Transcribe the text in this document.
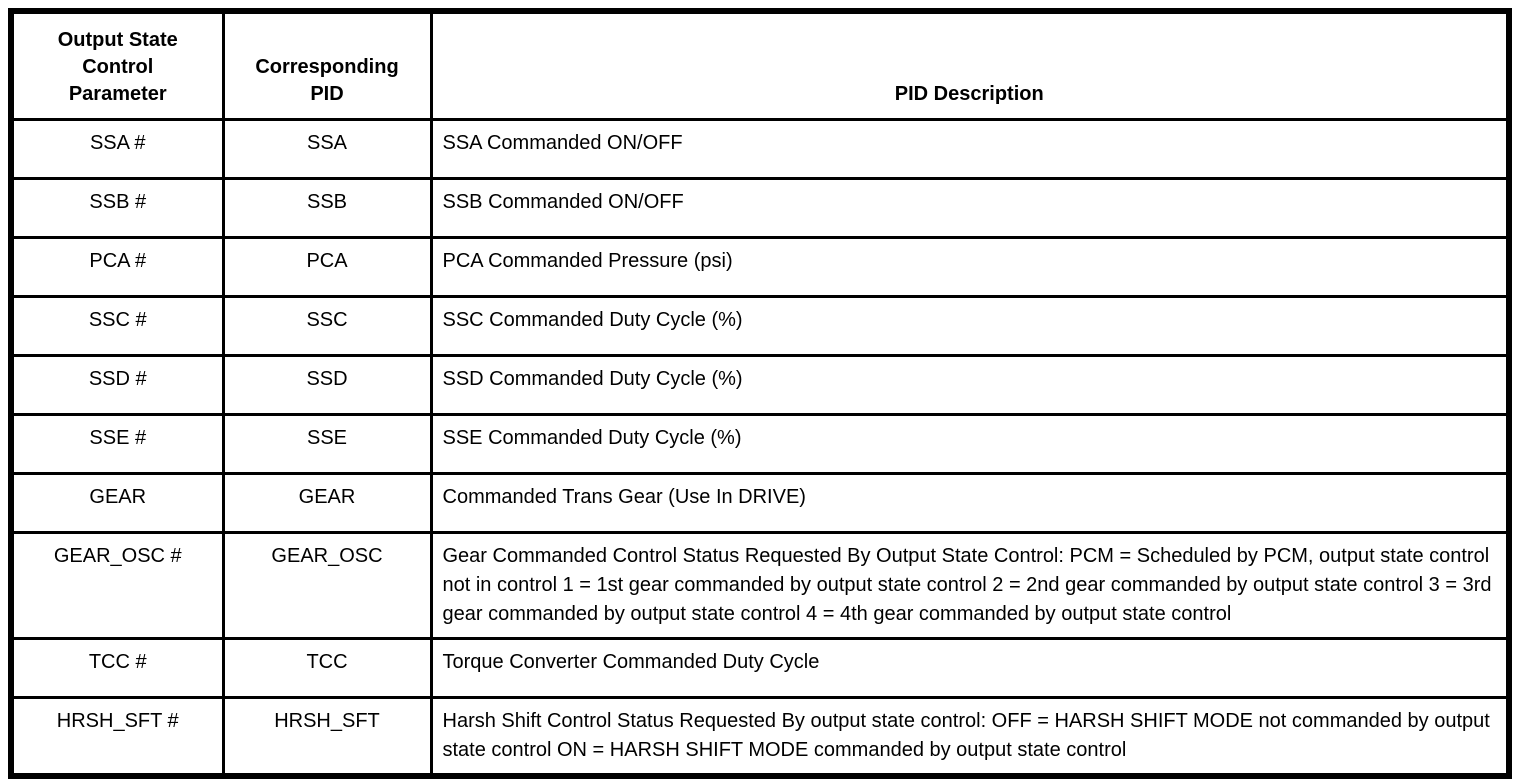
Output State Control Parameter	Corresponding PID	PID Description
SSA #	SSA	SSA Commanded ON/OFF
SSB #	SSB	SSB Commanded ON/OFF
PCA #	PCA	PCA Commanded Pressure (psi)
SSC #	SSC	SSC Commanded Duty Cycle (%)
SSD #	SSD	SSD Commanded Duty Cycle (%)
SSE #	SSE	SSE Commanded Duty Cycle (%)
GEAR	GEAR	Commanded Trans Gear (Use In DRIVE)
GEAR_OSC #	GEAR_OSC	Gear Commanded Control Status Requested By Output State Control: PCM = Scheduled by PCM, output state control not in control 1 = 1st gear commanded by output state control 2 = 2nd gear commanded by output state control 3 = 3rd gear commanded by output state control 4 = 4th gear commanded by output state control
TCC #	TCC	Torque Converter Commanded Duty Cycle
HRSH_SFT #	HRSH_SFT	Harsh Shift Control Status Requested By output state control: OFF = HARSH SHIFT MODE not commanded by output state control ON = HARSH SHIFT MODE commanded by output state control
